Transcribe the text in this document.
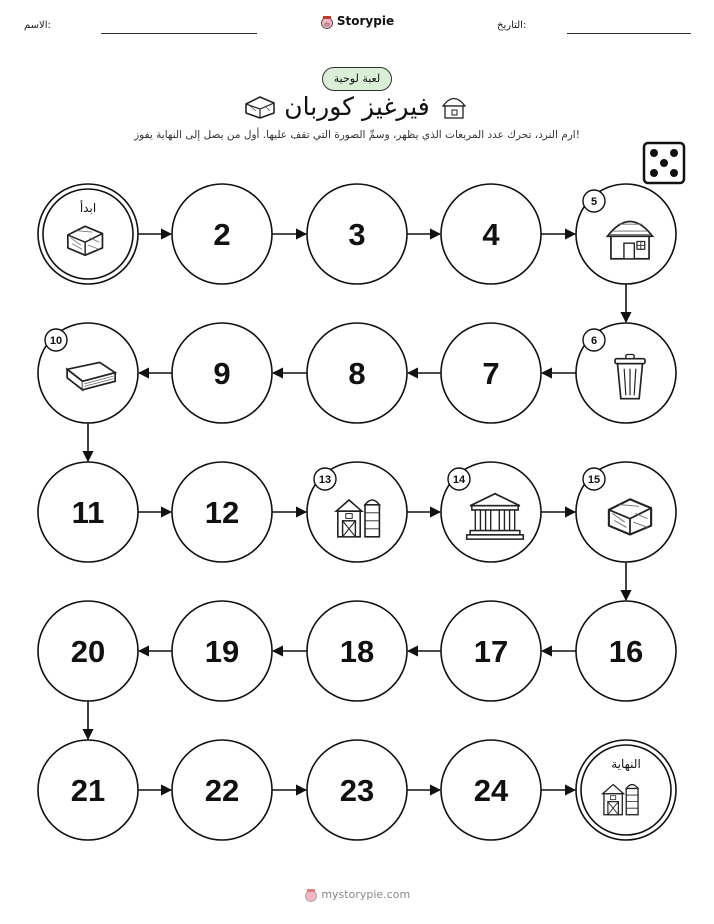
الاسم:	التاريخ:
Storypie
لعبة لوحية
فيرغيز كوربان
ارم النرد، تحرك عدد المربعات الذي يظهر، وسمِّ الصورة التي تقف عليها. أول من يصل إلى النهاية يفوز!
ابدأ
2	3	4
5
6
7
8
9
10
11	12
13	14	15
16
17
18
19
20
21	22	23	24
النهاية
mystorypie.com
